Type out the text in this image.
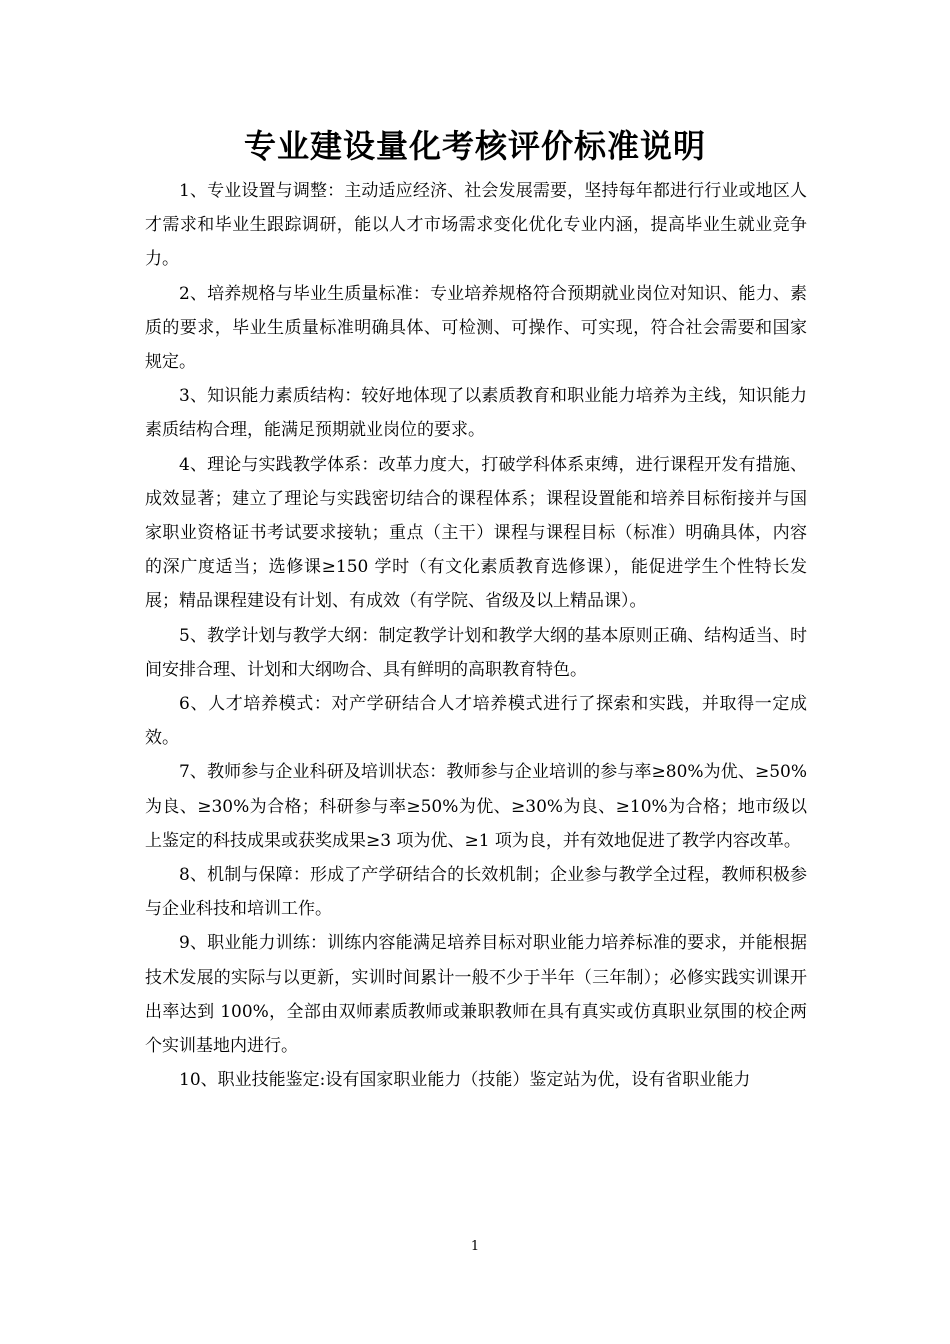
专业建设量化考核评价标准说明

1、专业设置与调整：主动适应经济、社会发展需要，坚持每年都进行行业或地区人才需求和毕业生跟踪调研，能以人才市场需求变化优化专业内涵，提高毕业生就业竞争力。

2、培养规格与毕业生质量标准：专业培养规格符合预期就业岗位对知识、能力、素质的要求，毕业生质量标准明确具体、可检测、可操作、可实现，符合社会需要和国家规定。

3、知识能力素质结构：较好地体现了以素质教育和职业能力培养为主线，知识能力素质结构合理，能满足预期就业岗位的要求。

4、理论与实践教学体系：改革力度大，打破学科体系束缚，进行课程开发有措施、成效显著；建立了理论与实践密切结合的课程体系；课程设置能和培养目标衔接并与国家职业资格证书考试要求接轨；重点（主干）课程与课程目标（标准）明确具体，内容的深广度适当；选修课≥150 学时（有文化素质教育选修课），能促进学生个性特长发展；精品课程建设有计划、有成效（有学院、省级及以上精品课）。

5、教学计划与教学大纲：制定教学计划和教学大纲的基本原则正确、结构适当、时间安排合理、计划和大纲吻合、具有鲜明的高职教育特色。

6、人才培养模式：对产学研结合人才培养模式进行了探索和实践，并取得一定成效。

7、教师参与企业科研及培训状态：教师参与企业培训的参与率≥80%为优、≥50%为良、≥30%为合格；科研参与率≥50%为优、≥30%为良、≥10%为合格；地市级以上鉴定的科技成果或获奖成果≥3 项为优、≥1 项为良，并有效地促进了教学内容改革。

8、机制与保障：形成了产学研结合的长效机制；企业参与教学全过程，教师积极参与企业科技和培训工作。

9、职业能力训练：训练内容能满足培养目标对职业能力培养标准的要求，并能根据技术发展的实际与以更新，实训时间累计一般不少于半年（三年制）；必修实践实训课开出率达到 100%，全部由双师素质教师或兼职教师在具有真实或仿真职业氛围的校企两个实训基地内进行。

10、职业技能鉴定:设有国家职业能力（技能）鉴定站为优，设有省职业能力

1
